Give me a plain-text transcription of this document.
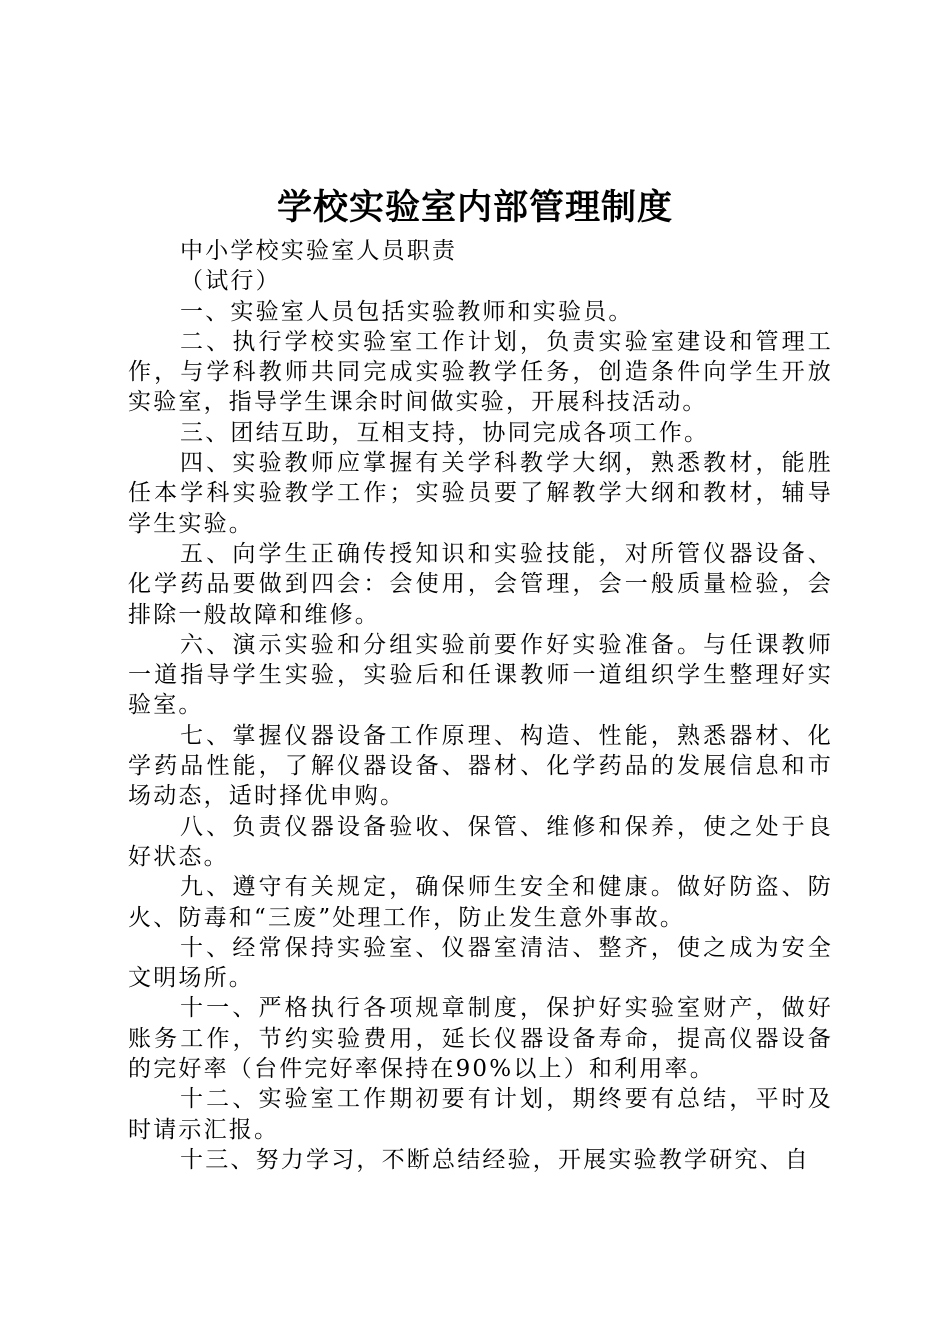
学校实验室内部管理制度

中小学校实验室人员职责

（试行）

一、实验室人员包括实验教师和实验员。

二、执行学校实验室工作计划，负责实验室建设和管理工作，与学科教师共同完成实验教学任务，创造条件向学生开放实验室，指导学生课余时间做实验，开展科技活动。

三、团结互助，互相支持，协同完成各项工作。

四、实验教师应掌握有关学科教学大纲，熟悉教材，能胜任本学科实验教学工作；实验员要了解教学大纲和教材，辅导学生实验。

五、向学生正确传授知识和实验技能，对所管仪器设备、化学药品要做到四会：会使用，会管理，会一般质量检验，会排除一般故障和维修。

六、演示实验和分组实验前要作好实验准备。与任课教师一道指导学生实验，实验后和任课教师一道组织学生整理好实验室。

七、掌握仪器设备工作原理、构造、性能，熟悉器材、化学药品性能，了解仪器设备、器材、化学药品的发展信息和市场动态，适时择优申购。

八、负责仪器设备验收、保管、维修和保养，使之处于良好状态。

九、遵守有关规定，确保师生安全和健康。做好防盗、防火、防毒和“三废”处理工作，防止发生意外事故。

十、经常保持实验室、仪器室清洁、整齐，使之成为安全文明场所。

十一、严格执行各项规章制度，保护好实验室财产，做好账务工作，节约实验费用，延长仪器设备寿命，提高仪器设备的完好率（台件完好率保持在90%以上）和利用率。

十二、实验室工作期初要有计划，期终要有总结，平时及时请示汇报。

十三、努力学习，不断总结经验，开展实验教学研究、自
